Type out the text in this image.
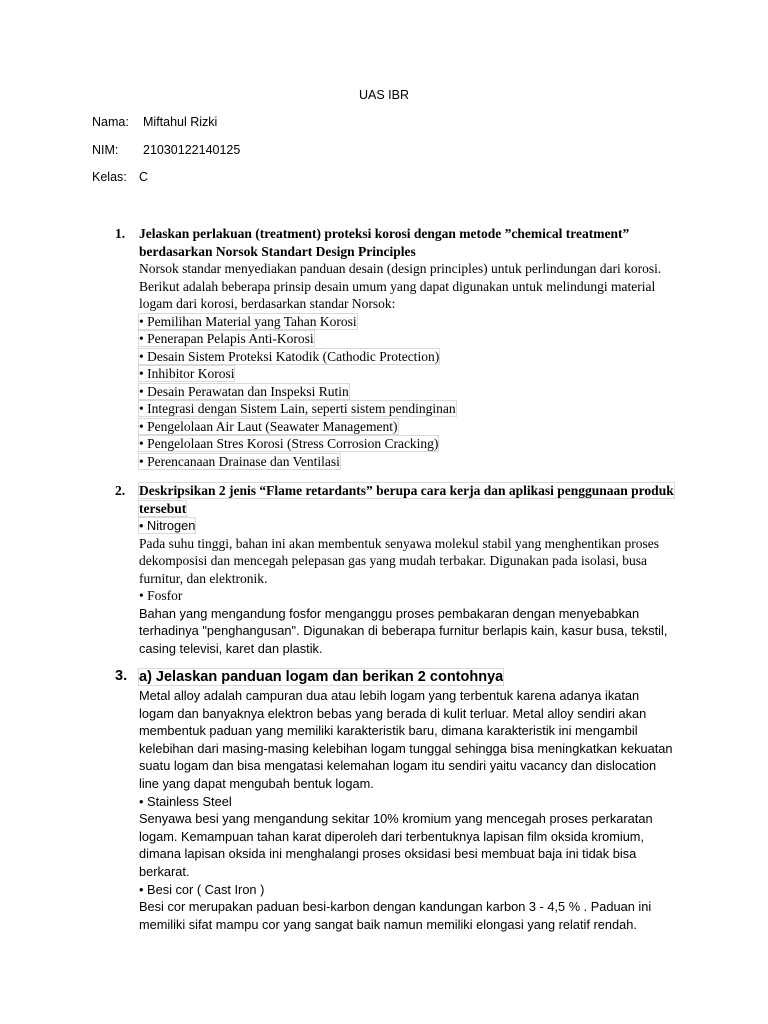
UAS IBR
Nama: Miftahul Rizki
NIM: 21030122140125
Kelas: C
1. Jelaskan perlakuan (treatment) proteksi korosi dengan metode ”chemical treatment” berdasarkan Norsok Standart Design Principles

Norsok standar menyediakan panduan desain (design principles) untuk perlindungan dari korosi. Berikut adalah beberapa prinsip desain umum yang dapat digunakan untuk melindungi material logam dari korosi, berdasarkan standar Norsok:

• Pemilihan Material yang Tahan Korosi
• Penerapan Pelapis Anti-Korosi
• Desain Sistem Proteksi Katodik (Cathodic Protection)
• Inhibitor Korosi
• Desain Perawatan dan Inspeksi Rutin
• Integrasi dengan Sistem Lain, seperti sistem pendinginan
• Pengelolaan Air Laut (Seawater Management)
• Pengelolaan Stres Korosi (Stress Corrosion Cracking)
• Perencanaan Drainase dan Ventilasi
2. Deskripsikan 2 jenis “Flame retardants” berupa cara kerja dan aplikasi penggunaan produk tersebut
• Nitrogen

Pada suhu tinggi, bahan ini akan membentuk senyawa molekul stabil yang menghentikan proses dekomposisi dan mencegah pelepasan gas yang mudah terbakar. Digunakan pada isolasi, busa furnitur, dan elektronik.

• Fosfor

Bahan yang mengandung fosfor menganggu proses pembakaran dengan menyebabkan terhadinya "penghangusan". Digunakan di beberapa furnitur berlapis kain, kasur busa, tekstil, casing televisi, karet dan plastik.

3. a) Jelaskan panduan logam dan berikan 2 contohnya

Metal alloy adalah campuran dua atau lebih logam yang terbentuk karena adanya ikatan logam dan banyaknya elektron bebas yang berada di kulit terluar. Metal alloy sendiri akan membentuk paduan yang memiliki karakteristik baru, dimana karakteristik ini mengambil kelebihan dari masing-masing kelebihan logam tunggal sehingga bisa meningkatkan kekuatan suatu logam dan bisa mengatasi kelemahan logam itu sendiri yaitu vacancy dan dislocation line yang dapat mengubah bentuk logam.

• Stainless Steel

Senyawa besi yang mengandung sekitar 10% kromium yang mencegah proses perkaratan logam. Kemampuan tahan karat diperoleh dari terbentuknya lapisan film oksida kromium, dimana lapisan oksida ini menghalangi proses oksidasi besi membuat baja ini tidak bisa berkarat.

• Besi cor ( Cast Iron )

Besi cor merupakan paduan besi-karbon dengan kandungan karbon 3 - 4,5 % . Paduan ini memiliki sifat mampu cor yang sangat baik namun memiliki elongasi yang relatif rendah.
